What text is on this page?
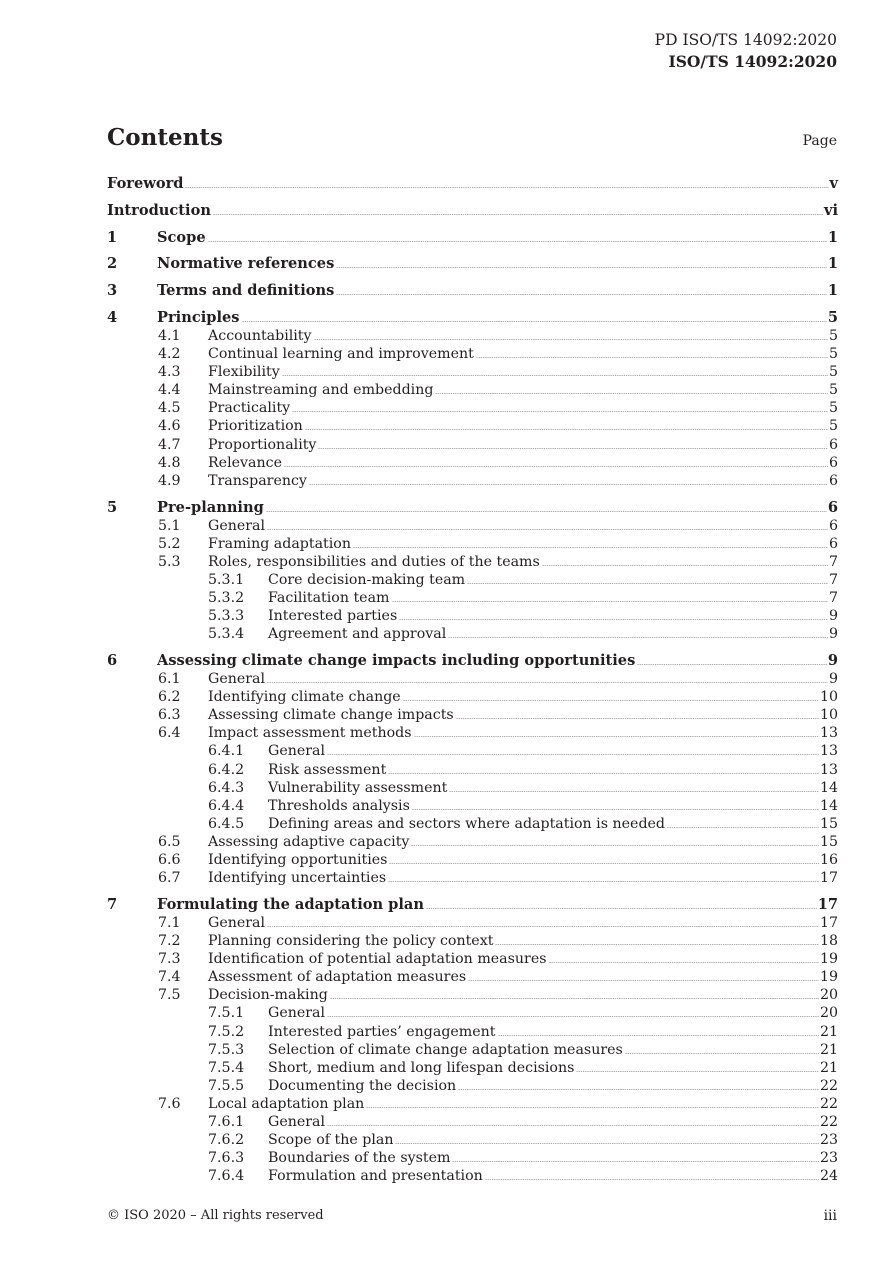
PD ISO/TS 14092:2020
ISO/TS 14092:2020
Contents	Page
Foreword	v
Introduction	vi
1	Scope	1
2	Normative references	1
3	Terms and definitions	1
4	Principles	5
4.1 Accountability	5
4.2 Continual learning and improvement	5
4.3 Flexibility	5
4.4 Mainstreaming and embedding	5
4.5 Practicality	5
4.6 Prioritization	5
4.7 Proportionality	6
4.8 Relevance	6
4.9 Transparency	6
5	Pre-planning	6
5.1 General	6
5.2 Framing adaptation	6
5.3 Roles, responsibilities and duties of the teams	7
5.3.1 Core decision-making team	7
5.3.2 Facilitation team	7
5.3.3 Interested parties	9
5.3.4 Agreement and approval	9
6	Assessing climate change impacts including opportunities	9
6.1 General	9
6.2 Identifying climate change	10
6.3 Assessing climate change impacts	10
6.4 Impact assessment methods	13
6.4.1 General	13
6.4.2 Risk assessment	13
6.4.3 Vulnerability assessment	14
6.4.4 Thresholds analysis	14
6.4.5 Defining areas and sectors where adaptation is needed	15
6.5 Assessing adaptive capacity	15
6.6 Identifying opportunities	16
6.7 Identifying uncertainties	17
7	Formulating the adaptation plan	17
7.1 General	17
7.2 Planning considering the policy context	18
7.3 Identification of potential adaptation measures	19
7.4 Assessment of adaptation measures	19
7.5 Decision-making	20
7.5.1 General	20
7.5.2 Interested parties’ engagement	21
7.5.3 Selection of climate change adaptation measures	21
7.5.4 Short, medium and long lifespan decisions	21
7.5.5 Documenting the decision	22
7.6 Local adaptation plan	22
7.6.1 General	22
7.6.2 Scope of the plan	23
7.6.3 Boundaries of the system	23
7.6.4 Formulation and presentation	24
© ISO 2020 – All rights reserved	iii
